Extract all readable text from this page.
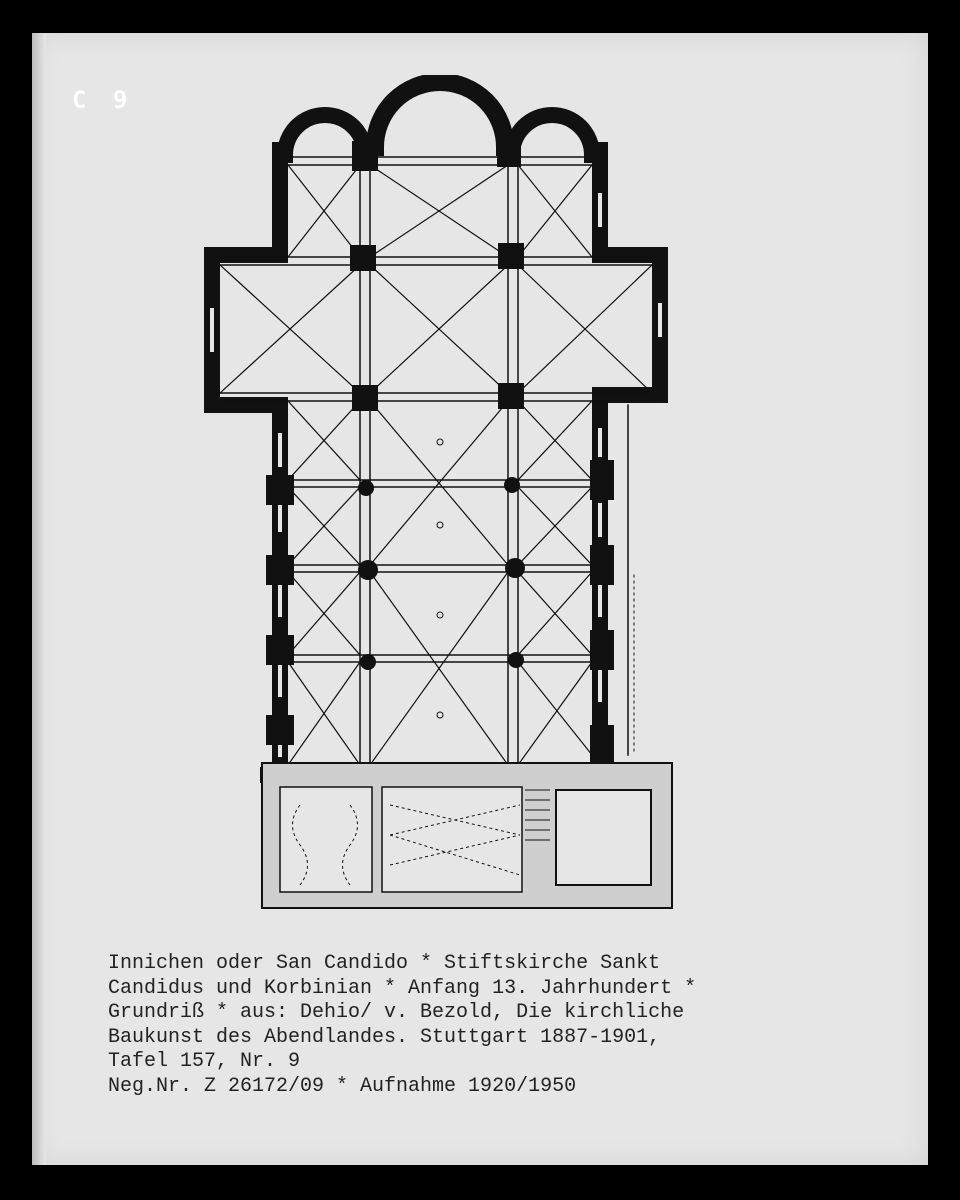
C 9
Innichen oder San Candido * Stiftskirche Sankt
Candidus und Korbinian * Anfang 13. Jahrhundert *
Grundriß * aus: Dehio/ v. Bezold, Die kirchliche
Baukunst des Abendlandes. Stuttgart 1887-1901,
Tafel 157, Nr. 9
Neg.Nr. Z 26172/09 * Aufnahme 1920/1950
